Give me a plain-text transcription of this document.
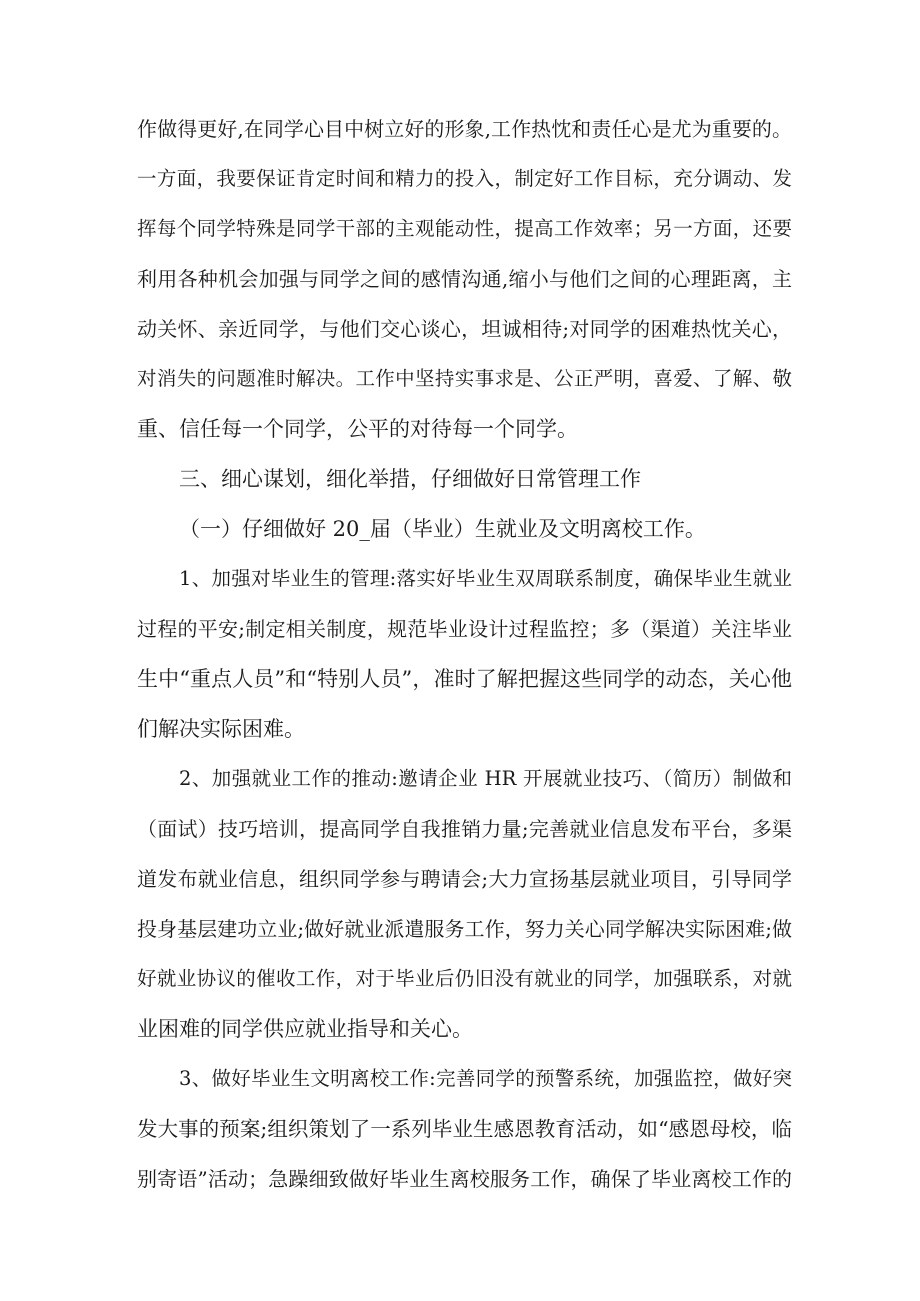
作做得更好,在同学心目中树立好的形象,工作热忱和责任心是尤为重要的。
一方面，我要保证肯定时间和精力的投入，制定好工作目标，充分调动、发
挥每个同学特殊是同学干部的主观能动性，提高工作效率；另一方面，还要
利用各种机会加强与同学之间的感情沟通,缩小与他们之间的心理距离，主
动关怀、亲近同学，与他们交心谈心，坦诚相待;对同学的困难热忱关心，
对消失的问题准时解决。工作中坚持实事求是、公正严明，喜爱、了解、敬
重、信任每一个同学，公平的对待每一个同学。
三、细心谋划，细化举措，仔细做好日常管理工作
（一）仔细做好 20_届（毕业）生就业及文明离校工作。
1、加强对毕业生的管理:落实好毕业生双周联系制度，确保毕业生就业
过程的平安;制定相关制度，规范毕业设计过程监控；多（渠道）关注毕业
生中“重点人员”和“特别人员”，准时了解把握这些同学的动态，关心他
们解决实际困难。
2、加强就业工作的推动:邀请企业 HR 开展就业技巧、（简历）制做和
（面试）技巧培训，提高同学自我推销力量;完善就业信息发布平台，多渠
道发布就业信息，组织同学参与聘请会;大力宣扬基层就业项目，引导同学
投身基层建功立业;做好就业派遣服务工作，努力关心同学解决实际困难;做
好就业协议的催收工作，对于毕业后仍旧没有就业的同学，加强联系，对就
业困难的同学供应就业指导和关心。
3、做好毕业生文明离校工作:完善同学的预警系统，加强监控，做好突
发大事的预案;组织策划了一系列毕业生感恩教育活动，如“感恩母校，临
别寄语”活动；急躁细致做好毕业生离校服务工作，确保了毕业离校工作的
